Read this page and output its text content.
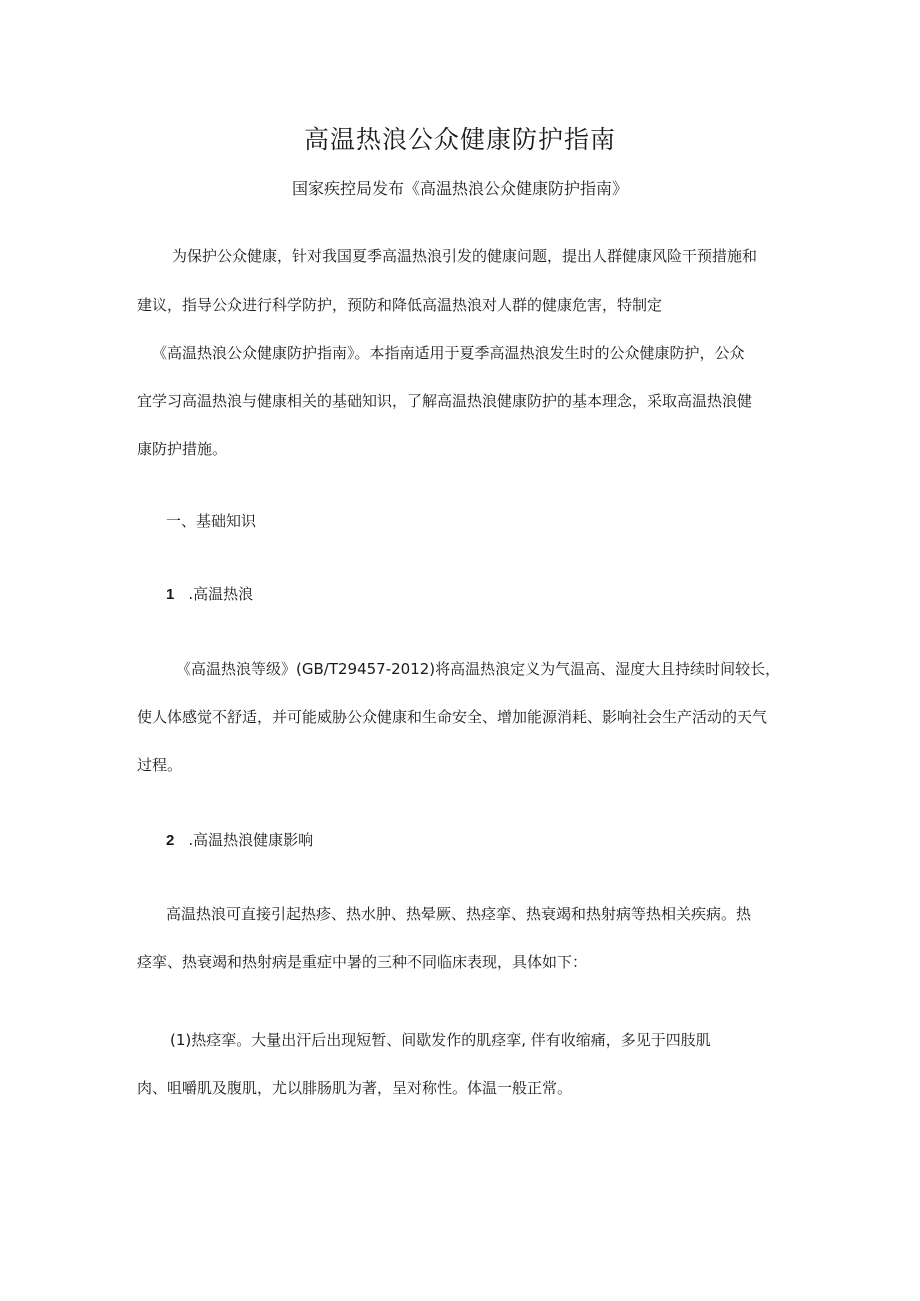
高温热浪公众健康防护指南

国家疾控局发布《高温热浪公众健康防护指南》

为保护公众健康，针对我国夏季高温热浪引发的健康问题，提出人群健康风险干预措施和

建议，指导公众进行科学防护，预防和降低高温热浪对人群的健康危害，特制定

《高温热浪公众健康防护指南》。本指南适用于夏季高温热浪发生时的公众健康防护，公众

宜学习高温热浪与健康相关的基础知识，了解高温热浪健康防护的基本理念，采取高温热浪健

康防护措施。

一、基础知识

1 .高温热浪

《高温热浪等级》(GB/T29457-2012)将高温热浪定义为气温高、湿度大且持续时间较长，

使人体感觉不舒适，并可能威胁公众健康和生命安全、增加能源消耗、影响社会生产活动的天气

过程。

2 .高温热浪健康影响

高温热浪可直接引起热疹、热水肿、热晕厥、热痉挛、热衰竭和热射病等热相关疾病。热

痉挛、热衰竭和热射病是重症中暑的三种不同临床表现，具体如下：

(1)热痉挛。大量出汗后出现短暂、间歇发作的肌痉挛, 伴有收缩痛，多见于四肢肌

肉、咀嚼肌及腹肌，尤以腓肠肌为著，呈对称性。体温一般正常。
